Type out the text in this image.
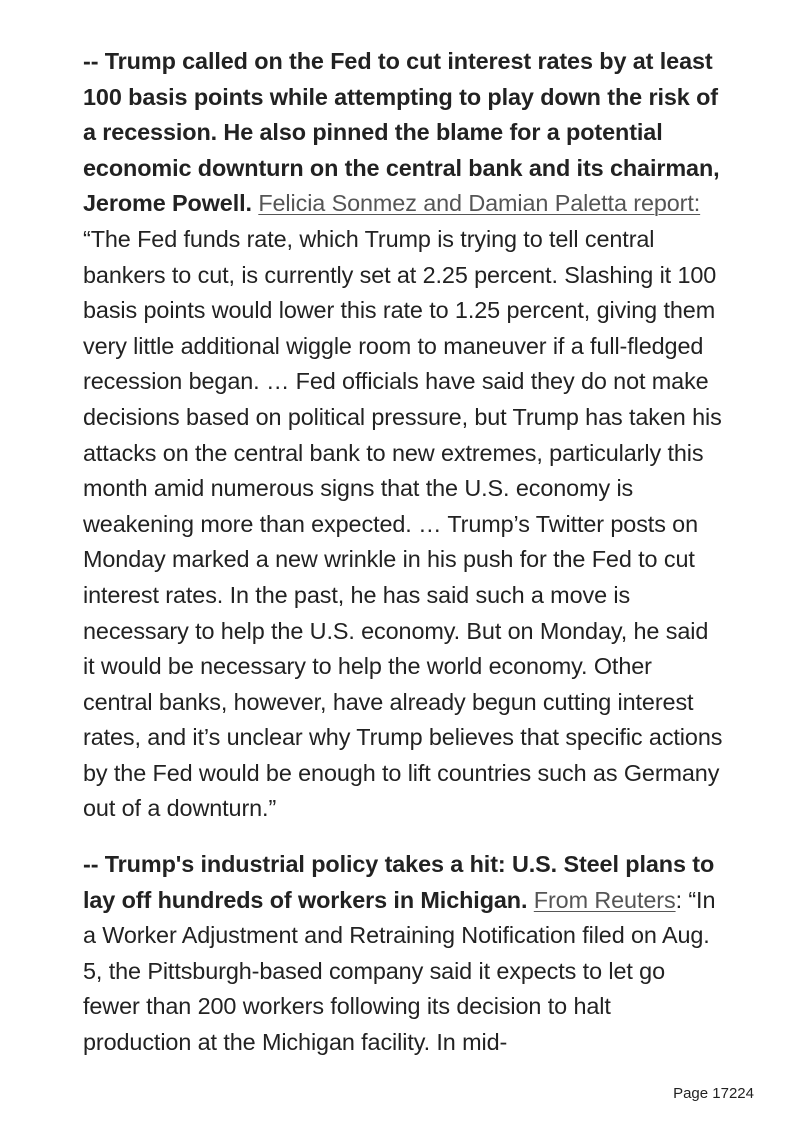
-- Trump called on the Fed to cut interest rates by at least 100 basis points while attempting to play down the risk of a recession. He also pinned the blame for a potential economic downturn on the central bank and its chairman, Jerome Powell. Felicia Sonmez and Damian Paletta report: “The Fed funds rate, which Trump is trying to tell central bankers to cut, is currently set at 2.25 percent. Slashing it 100 basis points would lower this rate to 1.25 percent, giving them very little additional wiggle room to maneuver if a full-fledged recession began. … Fed officials have said they do not make decisions based on political pressure, but Trump has taken his attacks on the central bank to new extremes, particularly this month amid numerous signs that the U.S. economy is weakening more than expected. … Trump’s Twitter posts on Monday marked a new wrinkle in his push for the Fed to cut interest rates. In the past, he has said such a move is necessary to help the U.S. economy. But on Monday, he said it would be necessary to help the world economy. Other central banks, however, have already begun cutting interest rates, and it’s unclear why Trump believes that specific actions by the Fed would be enough to lift countries such as Germany out of a downturn.”

-- Trump's industrial policy takes a hit: U.S. Steel plans to lay off hundreds of workers in Michigan. From Reuters: “In a Worker Adjustment and Retraining Notification filed on Aug. 5, the Pittsburgh-based company said it expects to let go fewer than 200 workers following its decision to halt production at the Michigan facility. In mid-

Page 17224
